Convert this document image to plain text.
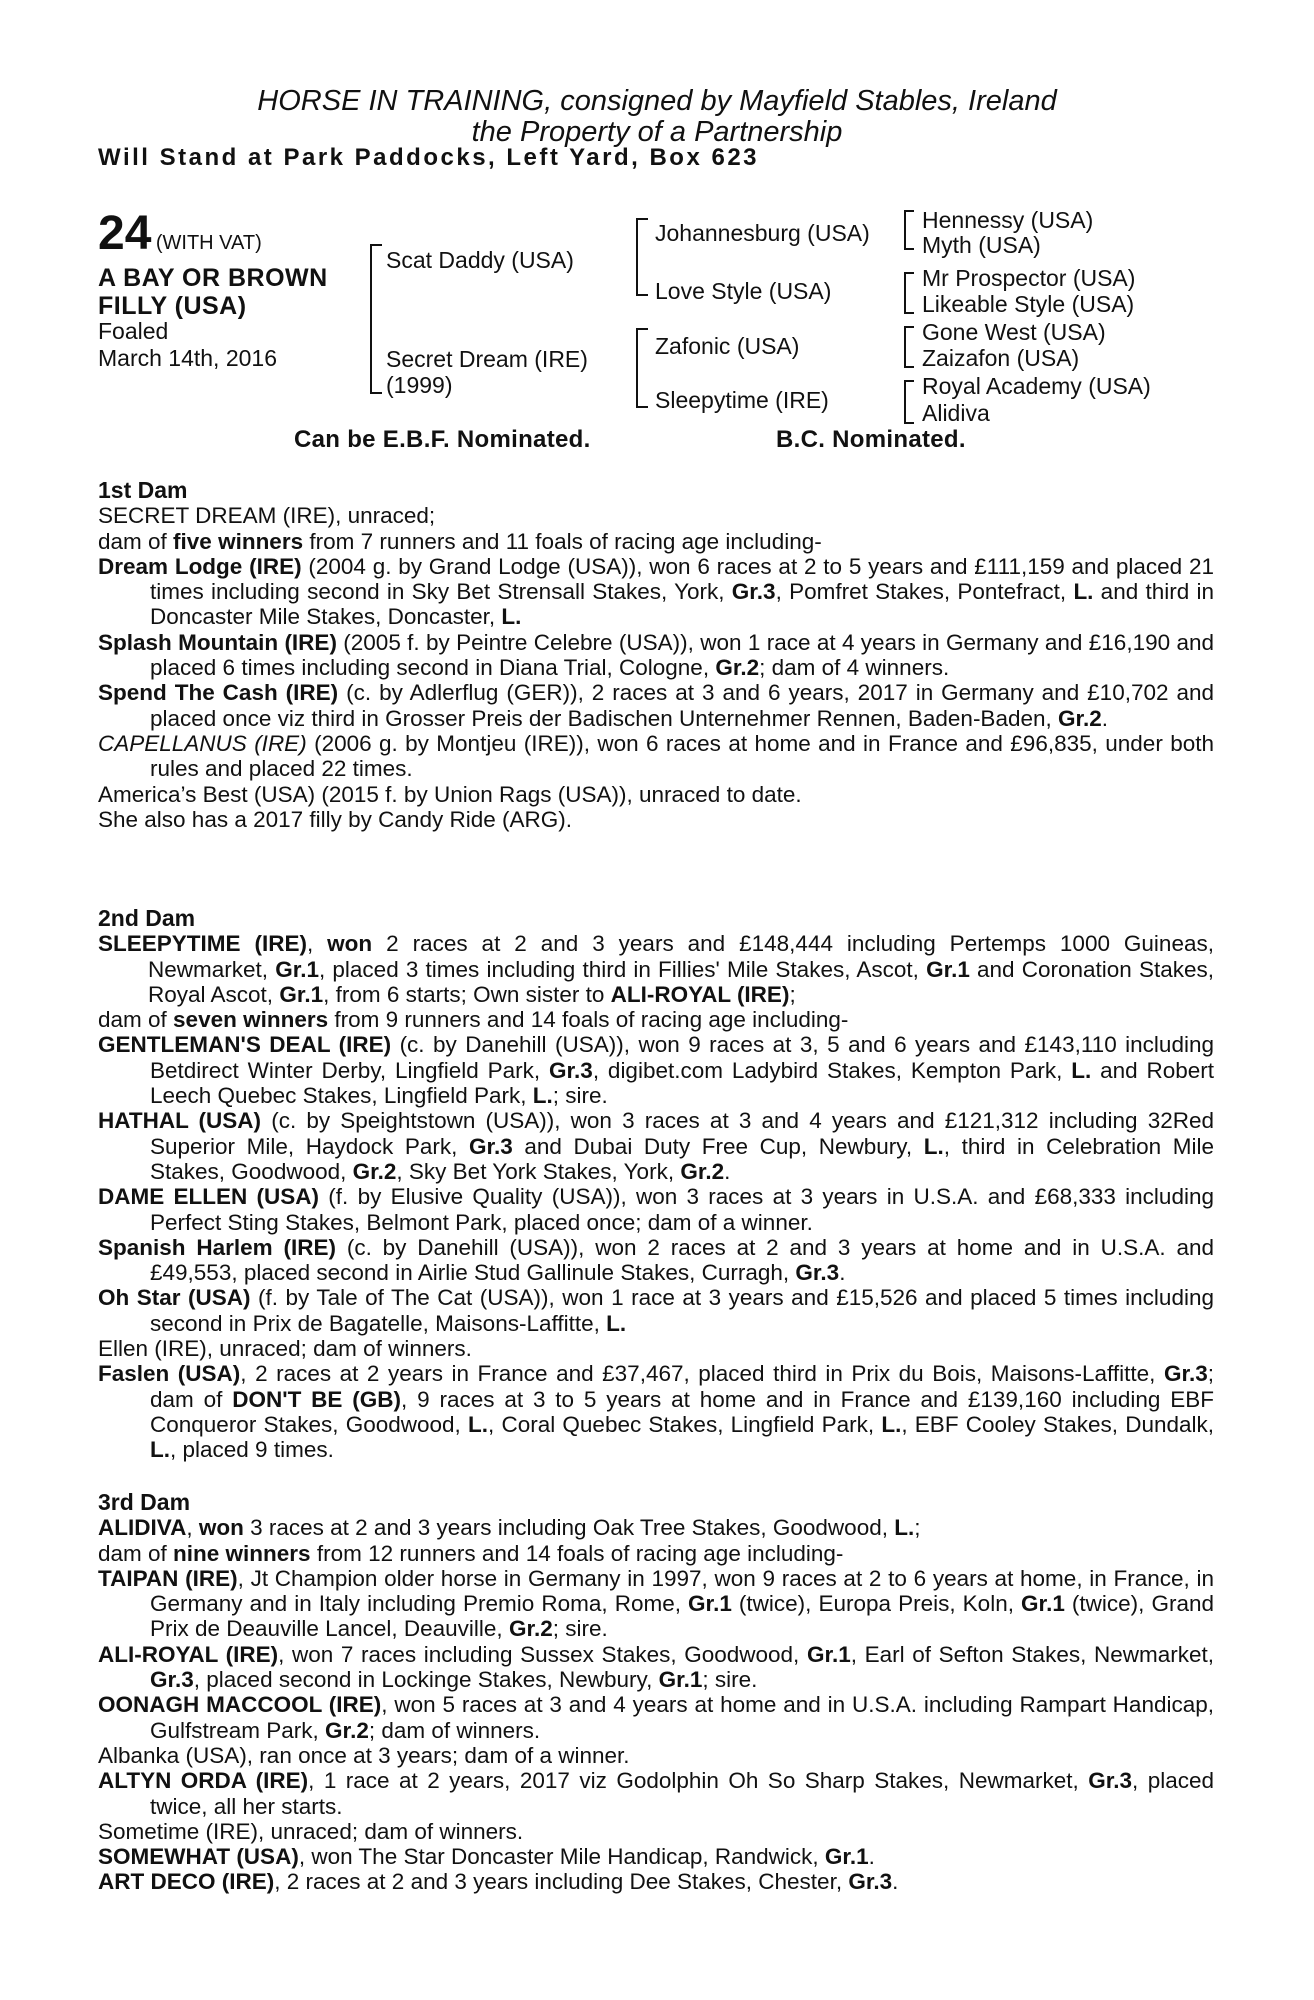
HORSE IN TRAINING, consigned by Mayfield Stables, Ireland
the Property of a Partnership
Will Stand at Park Paddocks, Left Yard, Box 623
24 (WITH VAT)
A BAY OR BROWN
FILLY (USA)
Foaled
March 14th, 2016
Scat Daddy (USA)
Secret Dream (IRE)
(1999)
Johannesburg (USA)
Love Style (USA)
Zafonic (USA)
Sleepytime (IRE)
Hennessy (USA)
Myth (USA)
Mr Prospector (USA)
Likeable Style (USA)
Gone West (USA)
Zaizafon (USA)
Royal Academy (USA)
Alidiva
Can be E.B.F. Nominated.	B.C. Nominated.

1st Dam

SECRET DREAM (IRE), unraced;

dam of five winners from 7 runners and 11 foals of racing age including-

Dream Lodge (IRE) (2004 g. by Grand Lodge (USA)), won 6 races at 2 to 5 years and £111,159 and placed 21 times including second in Sky Bet Strensall Stakes, York, Gr.3, Pomfret Stakes, Pontefract, L. and third in Doncaster Mile Stakes, Doncaster, L.

Splash Mountain (IRE) (2005 f. by Peintre Celebre (USA)), won 1 race at 4 years in Germany and £16,190 and placed 6 times including second in Diana Trial, Cologne, Gr.2; dam of 4 winners.

Spend The Cash (IRE) (c. by Adlerflug (GER)), 2 races at 3 and 6 years, 2017 in Germany and £10,702 and placed once viz third in Grosser Preis der Badischen Unternehmer Rennen, Baden-Baden, Gr.2.

CAPELLANUS (IRE) (2006 g. by Montjeu (IRE)), won 6 races at home and in France and £96,835, under both rules and placed 22 times.

America’s Best (USA) (2015 f. by Union Rags (USA)), unraced to date.

She also has a 2017 filly by Candy Ride (ARG).

2nd Dam

SLEEPYTIME (IRE), won 2 races at 2 and 3 years and £148,444 including Pertemps 1000 Guineas, Newmarket, Gr.1, placed 3 times including third in Fillies' Mile Stakes, Ascot, Gr.1 and Coronation Stakes, Royal Ascot, Gr.1, from 6 starts; Own sister to ALI-ROYAL (IRE);

dam of seven winners from 9 runners and 14 foals of racing age including-

GENTLEMAN'S DEAL (IRE) (c. by Danehill (USA)), won 9 races at 3, 5 and 6 years and £143,110 including Betdirect Winter Derby, Lingfield Park, Gr.3, digibet.com Ladybird Stakes, Kempton Park, L. and Robert Leech Quebec Stakes, Lingfield Park, L.; sire.

HATHAL (USA) (c. by Speightstown (USA)), won 3 races at 3 and 4 years and £121,312 including 32Red Superior Mile, Haydock Park, Gr.3 and Dubai Duty Free Cup, Newbury, L., third in Celebration Mile Stakes, Goodwood, Gr.2, Sky Bet York Stakes, York, Gr.2.

DAME ELLEN (USA) (f. by Elusive Quality (USA)), won 3 races at 3 years in U.S.A. and £68,333 including Perfect Sting Stakes, Belmont Park, placed once; dam of a winner.

Spanish Harlem (IRE) (c. by Danehill (USA)), won 2 races at 2 and 3 years at home and in U.S.A. and £49,553, placed second in Airlie Stud Gallinule Stakes, Curragh, Gr.3.

Oh Star (USA) (f. by Tale of The Cat (USA)), won 1 race at 3 years and £15,526 and placed 5 times including second in Prix de Bagatelle, Maisons-Laffitte, L.

Ellen (IRE), unraced; dam of winners.

Faslen (USA), 2 races at 2 years in France and £37,467, placed third in Prix du Bois, Maisons-Laffitte, Gr.3; dam of DON'T BE (GB), 9 races at 3 to 5 years at home and in France and £139,160 including EBF Conqueror Stakes, Goodwood, L., Coral Quebec Stakes, Lingfield Park, L., EBF Cooley Stakes, Dundalk, L., placed 9 times.

3rd Dam

ALIDIVA, won 3 races at 2 and 3 years including Oak Tree Stakes, Goodwood, L.;

dam of nine winners from 12 runners and 14 foals of racing age including-

TAIPAN (IRE), Jt Champion older horse in Germany in 1997, won 9 races at 2 to 6 years at home, in France, in Germany and in Italy including Premio Roma, Rome, Gr.1 (twice), Europa Preis, Koln, Gr.1 (twice), Grand Prix de Deauville Lancel, Deauville, Gr.2; sire.

ALI-ROYAL (IRE), won 7 races including Sussex Stakes, Goodwood, Gr.1, Earl of Sefton Stakes, Newmarket, Gr.3, placed second in Lockinge Stakes, Newbury, Gr.1; sire.

OONAGH MACCOOL (IRE), won 5 races at 3 and 4 years at home and in U.S.A. including Rampart Handicap, Gulfstream Park, Gr.2; dam of winners.

Albanka (USA), ran once at 3 years; dam of a winner.

ALTYN ORDA (IRE), 1 race at 2 years, 2017 viz Godolphin Oh So Sharp Stakes, Newmarket, Gr.3, placed twice, all her starts.

Sometime (IRE), unraced; dam of winners.

SOMEWHAT (USA), won The Star Doncaster Mile Handicap, Randwick, Gr.1.

ART DECO (IRE), 2 races at 2 and 3 years including Dee Stakes, Chester, Gr.3.
